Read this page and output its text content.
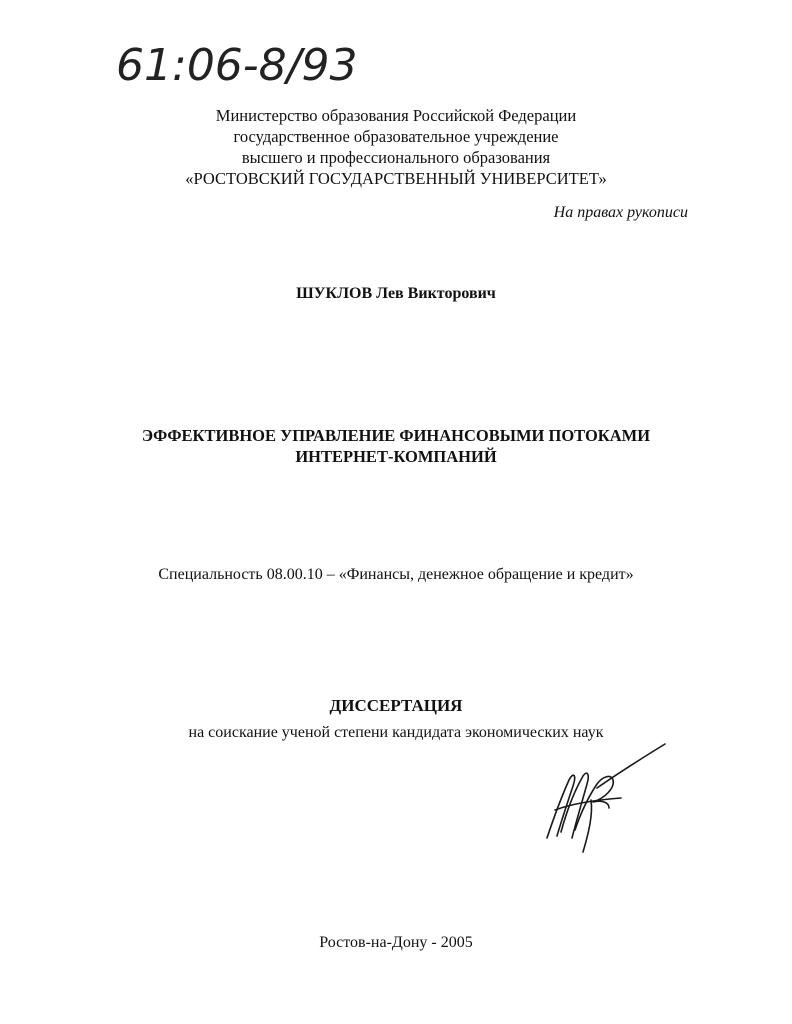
61:06-8/93
Министерство образования Российской Федерации
государственное образовательное учреждение
высшего и профессионального образования
«РОСТОВСКИЙ ГОСУДАРСТВЕННЫЙ УНИВЕРСИТЕТ»
На правах рукописи
ШУКЛОВ Лев Викторович
ЭФФЕКТИВНОЕ УПРАВЛЕНИЕ ФИНАНСОВЫМИ ПОТОКАМИ
ИНТЕРНЕТ-КОМПАНИЙ
Специальность 08.00.10 – «Финансы, денежное обращение и кредит»
ДИССЕРТАЦИЯ
на соискание ученой степени кандидата экономических наук
Ростов-на-Дону - 2005
